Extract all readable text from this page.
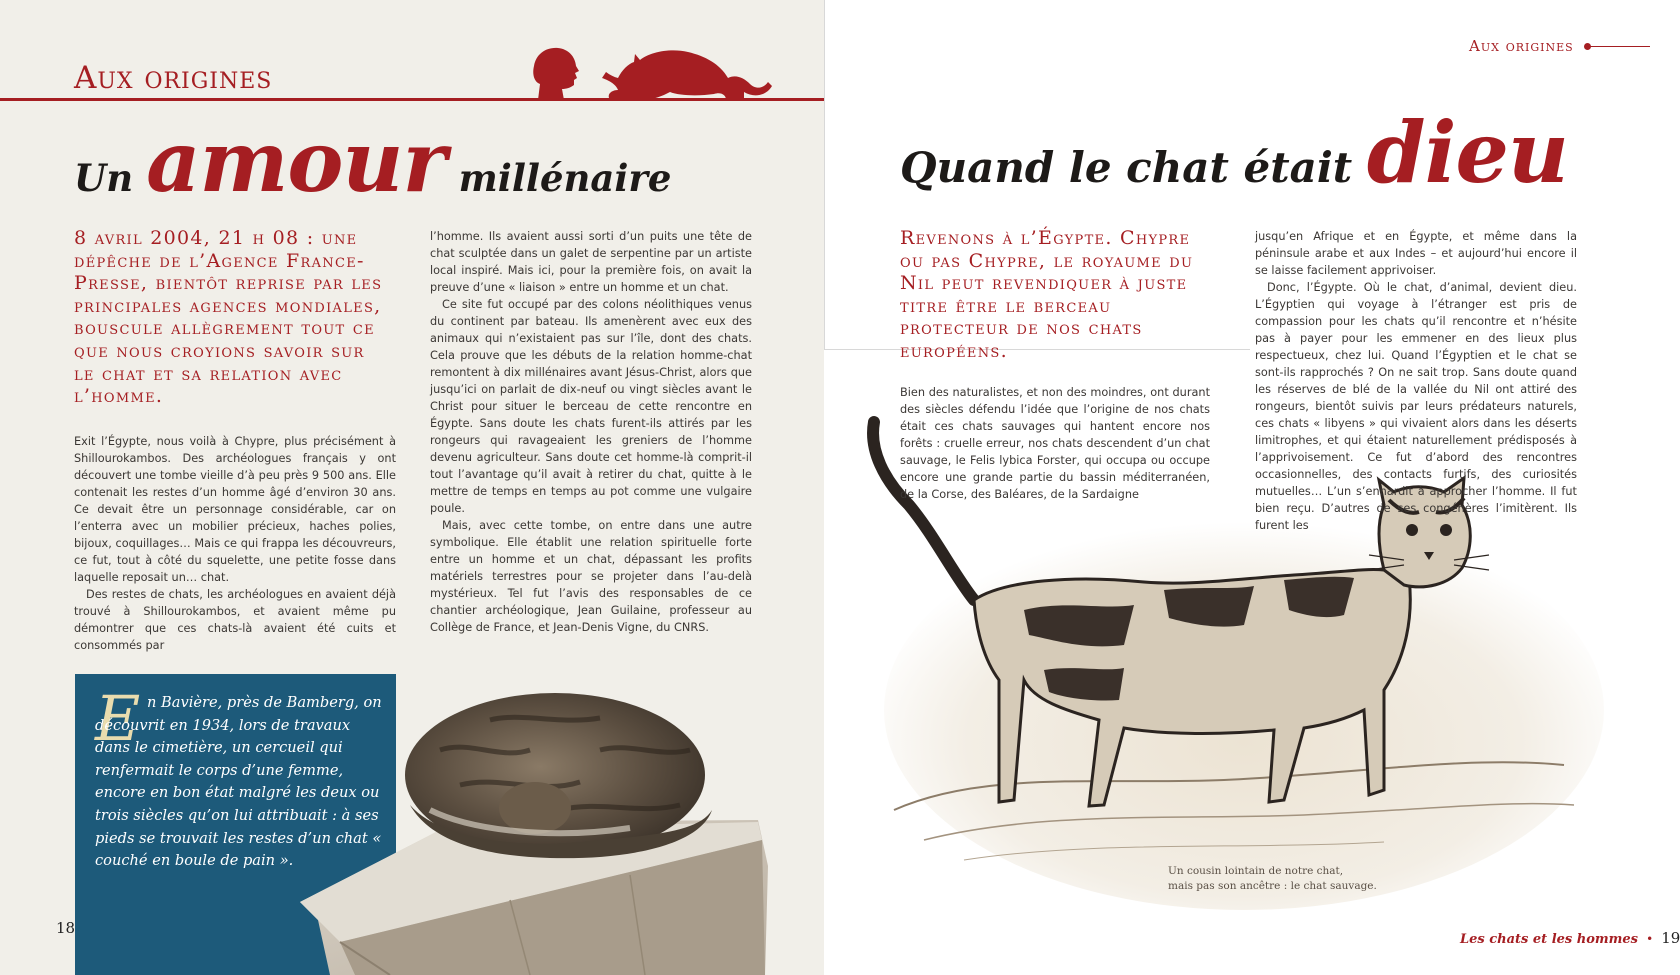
Aux origines
Un amour millénaire
8 avril 2004, 21 h 08 : une dépêche de l’Agence France-Presse, bientôt reprise par les principales agences mondiales, bouscule allègrement tout ce que nous croyions savoir sur le chat et sa relation avec l’homme.

Exit l’Égypte, nous voilà à Chypre, plus précisément à Shillourokambos. Des archéologues français y ont découvert une tombe vieille d’à peu près 9 500 ans. Elle contenait les restes d’un homme âgé d’environ 30 ans. Ce devait être un personnage considérable, car on l’enterra avec un mobilier précieux, haches polies, bijoux, coquillages… Mais ce qui frappa les découvreurs, ce fut, tout à côté du squelette, une petite fosse dans laquelle reposait un… chat.

Des restes de chats, les archéologues en avaient déjà trouvé à Shillourokambos, et avaient même pu démontrer que ces chats-là avaient été cuits et consommés par

l’homme. Ils avaient aussi sorti d’un puits une tête de chat sculptée dans un galet de serpentine par un artiste local inspiré. Mais ici, pour la première fois, on avait la preuve d’une « liaison » entre un homme et un chat.

Ce site fut occupé par des colons néolithiques venus du continent par bateau. Ils amenèrent avec eux des animaux qui n’existaient pas sur l’île, dont des chats. Cela prouve que les débuts de la relation homme-chat remontent à dix millénaires avant Jésus-Christ, alors que jusqu’ici on parlait de dix-neuf ou vingt siècles avant le Christ pour situer le berceau de cette rencontre en Égypte. Sans doute les chats furent-ils attirés par les rongeurs qui ravageaient les greniers de l’homme devenu agriculteur. Sans doute cet homme-là comprit-il tout l’avantage qu’il avait à retirer du chat, quitte à le mettre de temps en temps au pot comme une vulgaire poule.

Mais, avec cette tombe, on entre dans une autre symbolique. Elle établit une relation spirituelle forte entre un homme et un chat, dépassant les profits matériels terrestres pour se projeter dans l’au-delà mystérieux. Tel fut l’avis des responsables de ce chantier archéologique, Jean Guilaine, professeur au Collège de France, et Jean-Denis Vigne, du CNRS.

E n Bavière, près de Bamberg, on découvrit en 1934, lors de travaux dans le cimetière, un cercueil qui renfermait le corps d’une femme, encore en bon état malgré les deux ou trois siècles qu’on lui attribuait : à ses pieds se trouvait les restes d’un chat « couché en boule de pain ».
18
Aux origines
Quand le chat était dieu
Revenons à l’Égypte. Chypre ou pas Chypre, le royaume du Nil peut revendiquer à juste titre être le berceau protecteur de nos chats européens.

Bien des naturalistes, et non des moindres, ont durant des siècles défendu l’idée que l’origine de nos chats était ces chats sauvages qui hantent encore nos forêts : cruelle erreur, nos chats descendent d’un chat sauvage, le Felis lybica Forster, qui occupa ou occupe encore une grande partie du bassin méditerranéen, de la Corse, des Baléares, de la Sardaigne

jusqu’en Afrique et en Égypte, et même dans la péninsule arabe et aux Indes – et aujourd’hui encore il se laisse facilement apprivoiser.

Donc, l’Égypte. Où le chat, d’animal, devient dieu. L’Égyptien qui voyage à l’étranger est pris de compassion pour les chats qu’il rencontre et n’hésite pas à payer pour les emmener en des lieux plus respectueux, chez lui. Quand l’Égyptien et le chat se sont-ils rapprochés ? On ne sait trop. Sans doute quand les réserves de blé de la vallée du Nil ont attiré des rongeurs, bientôt suivis par leurs prédateurs naturels, ces chats « libyens » qui vivaient alors dans les déserts limitrophes, et qui étaient naturellement prédisposés à l’apprivoisement. Ce fut d’abord des rencontres occasionnelles, des contacts furtifs, des curiosités mutuelles… L’un s’enhardit à approcher l’homme. Il fut bien reçu. D’autres de ses congénères l’imitèrent. Ils furent les

Un cousin lointain de notre chat,
mais pas son ancêtre : le chat sauvage.
Les chats et les hommes • 19
